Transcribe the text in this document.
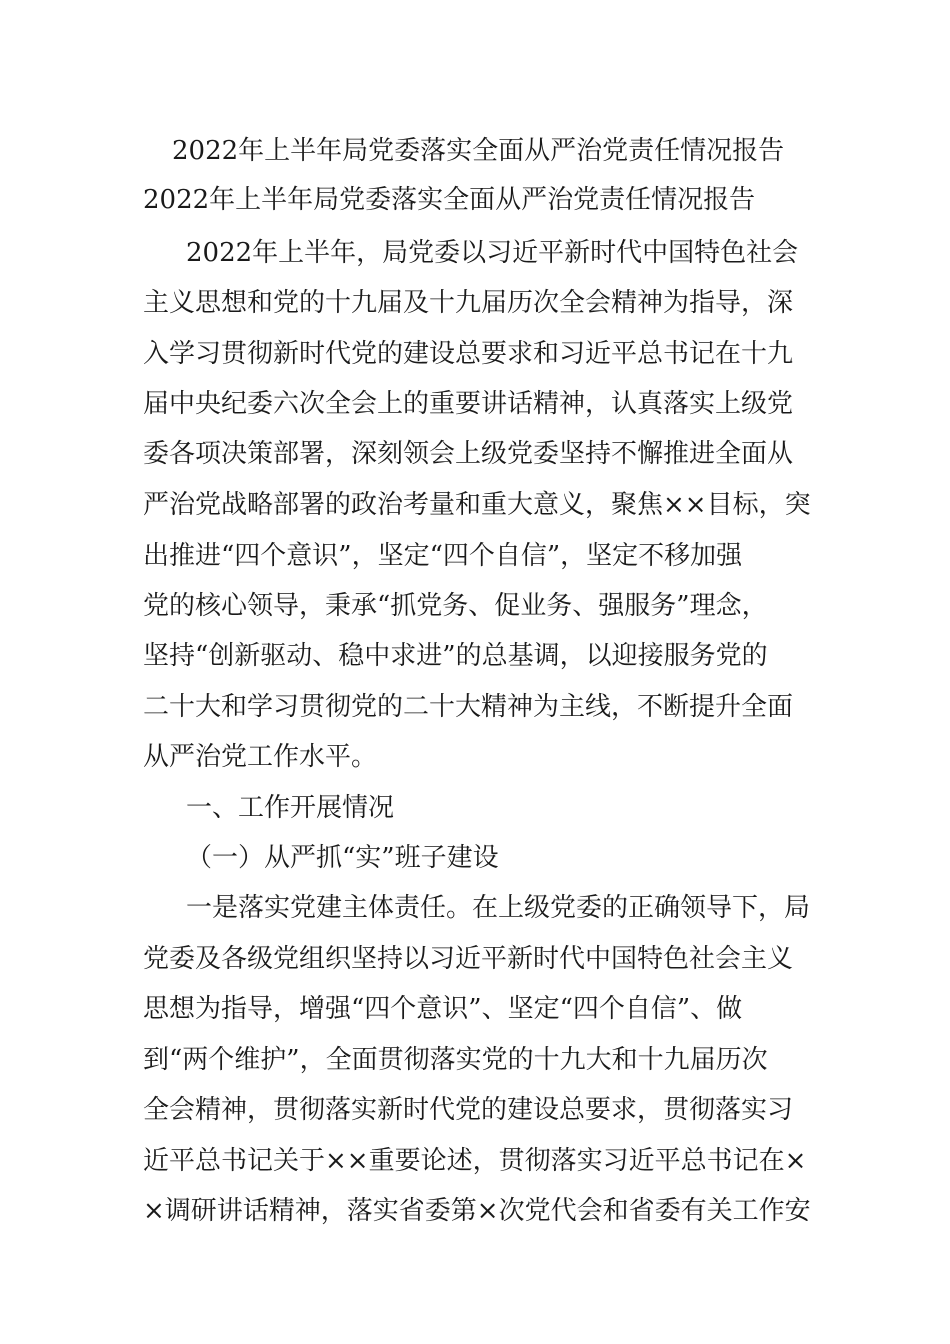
2022年上半年局党委落实全面从严治党责任情况报告
2022年上半年局党委落实全面从严治党责任情况报告
2022年上半年，局党委以习近平新时代中国特色社会
主义思想和党的十九届及十九届历次全会精神为指导，深
入学习贯彻新时代党的建设总要求和习近平总书记在十九
届中央纪委六次全会上的重要讲话精神，认真落实上级党
委各项决策部署，深刻领会上级党委坚持不懈推进全面从
严治党战略部署的政治考量和重大意义，聚焦××目标，突
出推进“四个意识”，坚定“四个自信”，坚定不移加强
党的核心领导，秉承“抓党务、促业务、强服务”理念，
坚持“创新驱动、稳中求进”的总基调，以迎接服务党的
二十大和学习贯彻党的二十大精神为主线，不断提升全面
从严治党工作水平。
一、工作开展情况
（一）从严抓“实”班子建设
一是落实党建主体责任。在上级党委的正确领导下，局
党委及各级党组织坚持以习近平新时代中国特色社会主义
思想为指导，增强“四个意识”、坚定“四个自信”、做
到“两个维护”，全面贯彻落实党的十九大和十九届历次
全会精神，贯彻落实新时代党的建设总要求，贯彻落实习
近平总书记关于××重要论述，贯彻落实习近平总书记在×
×调研讲话精神，落实省委第×次党代会和省委有关工作安
